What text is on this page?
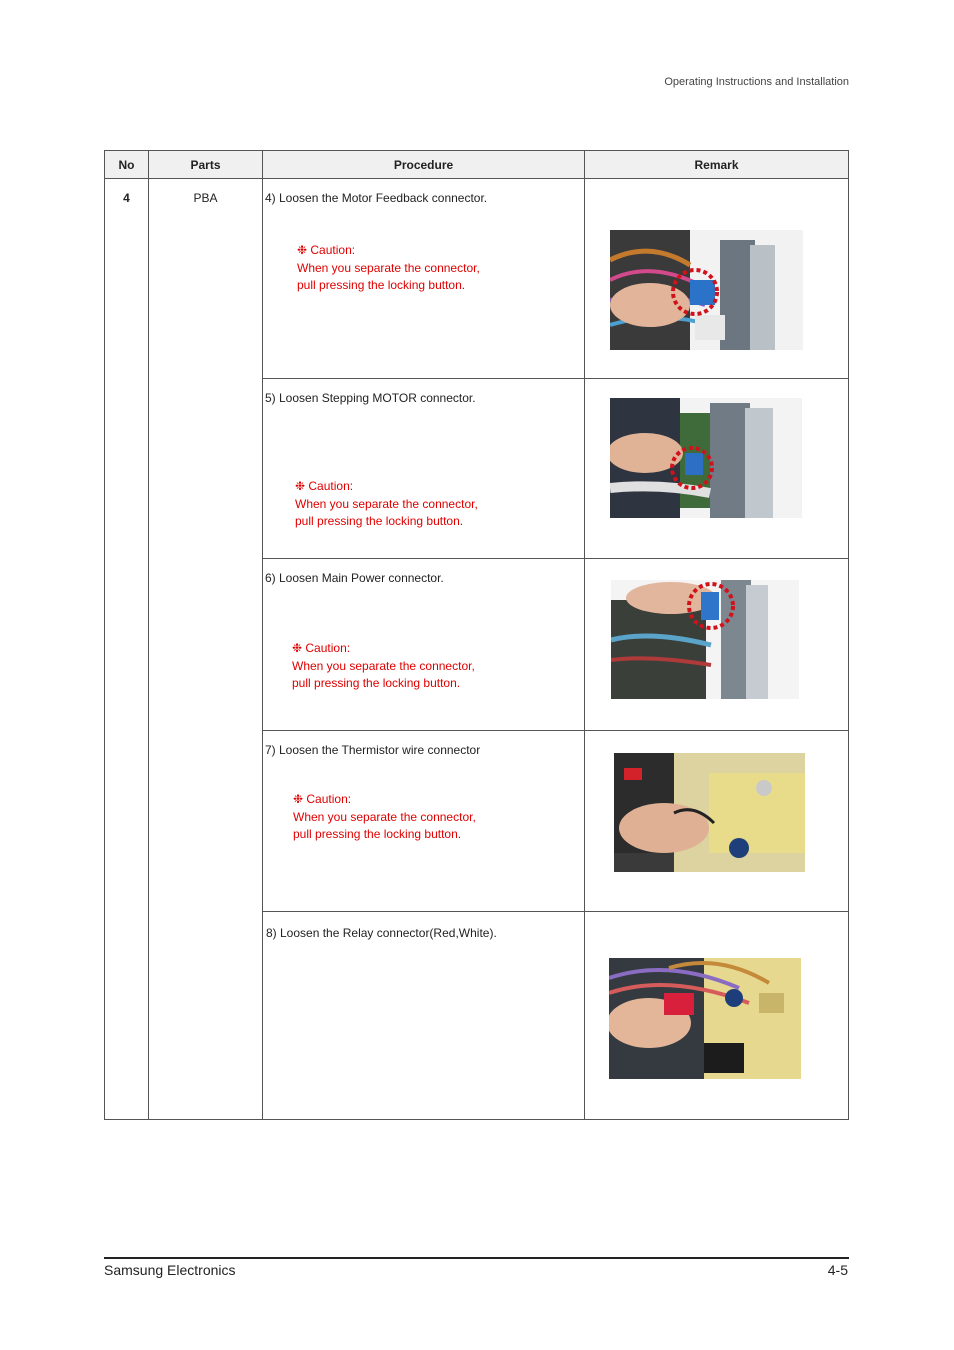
Operating Instructions and Installation
No	Parts	Procedure	Remark
4	PBA	4) Loosen the Motor Feedback connector.
❉ Caution:
When you separate the connector,
pull pressing the locking button.

		5) Loosen Stepping MOTOR connector.
❉ Caution:
When you separate the connector,
pull pressing the locking button.

		6) Loosen Main Power connector.
❉ Caution:
When you separate the connector,
pull pressing the locking button.

		7) Loosen the Thermistor wire connector
❉ Caution:
When you separate the connector,
pull pressing the locking button.

		8) Loosen the Relay connector(Red,White).

Samsung Electronics	4-5
